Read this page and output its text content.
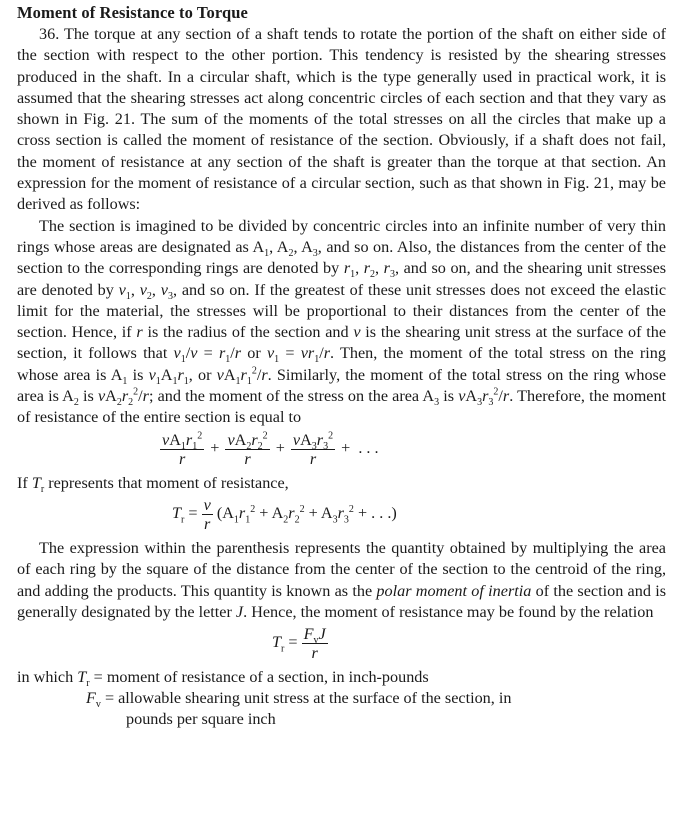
Moment of Resistance to Torque

36. The torque at any section of a shaft tends to rotate the portion of the shaft on either side of the section with respect to the other portion. This tendency is resisted by the shearing stresses produced in the shaft. In a circular shaft, which is the type generally used in practical work, it is assumed that the shearing stresses act along concentric circles of each section and that they vary as shown in Fig. 21. The sum of the moments of the total stresses on all the circles that make up a cross section is called the moment of resistance of the section. Obviously, if a shaft does not fail, the moment of resistance at any section of the shaft is greater than the torque at that section. An expression for the moment of resistance of a circular section, such as that shown in Fig. 21, may be derived as follows:

The section is imagined to be divided by concentric circles into an infinite number of very thin rings whose areas are designated as $A_1$, $A_2$, $A_3$, and so on. Also, the distances from the center of the section to the corresponding rings are denoted by $r_1$, $r_2$, $r_3$, and so on, and the shearing unit stresses are denoted by $v_1$, $v_2$, $v_3$, and so on. If the greatest of these unit stresses does not exceed the elastic limit for the material, the stresses will be proportional to their distances from the center of the section. Hence, if r is the radius of the section and v is the shearing unit stress at the surface of the section, it follows that $v_1/v = r_1/r$ or $v_1 = vr_1/r$. Then, the moment of the total stress on the ring whose area is $A_1$ is $v_1A_1r_1$, or $vA_1r_1^2/r$. Similarly, the moment of the total stress on the ring whose area is $A_2$ is $vA_2r_2^2/r$; and the moment of the stress on the area $A_3$ is $vA_3r_3^2/r$. Therefore, the moment of resistance of the entire section is equal to

$\frac{vA_1r_1^2}{r} + \frac{vA_2r_2^2}{r} + \frac{vA_3r_3^2}{r}$ + . . .

If $T_r$ represents that moment of resistance,

$T_r = \frac{v}{r} (A_1r_1^2 + A_2r_2^2 + A_3r_3^2$ + . . .)

The expression within the parenthesis represents the quantity obtained by multiplying the area of each ring by the square of the distance from the center of the section to the centroid of the ring, and adding the products. This quantity is known as the polar moment of inertia of the section and is generally designated by the letter J. Hence, the moment of resistance may be found by the relation

$T_r = \frac{F_vJ}{r}$
in which $T_r$ = moment of resistance of a section, in inch-pounds
$F_v$ = allowable shearing unit stress at the surface of the section, in
pounds per square inch
